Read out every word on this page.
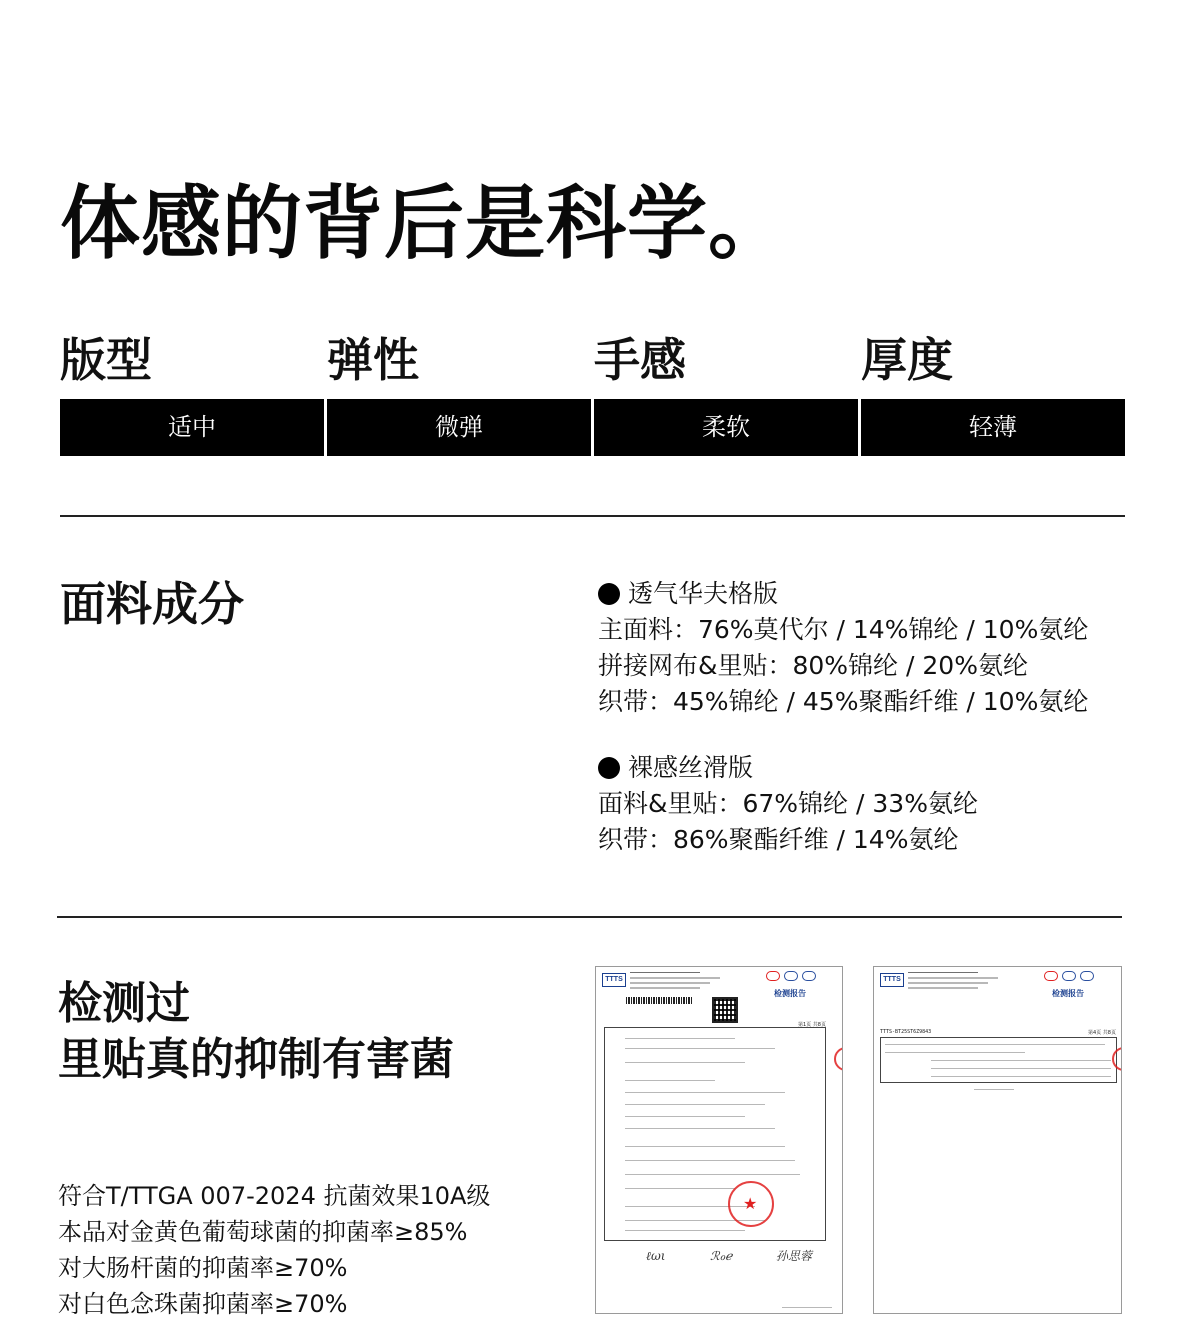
体感的背后是科学。
版型	弹性	手感	厚度
适中	微弹	柔软	轻薄
面料成分	透气华夫格版
主面料：76%莫代尔 / 14%锦纶 / 10%氨纶
拼接网布&里贴：80%锦纶 / 20%氨纶
织带：45%锦纶 / 45%聚酯纤维 / 10%氨纶
裸感丝滑版
面料&里贴：67%锦纶 / 33%氨纶
织带：86%聚酯纤维 / 14%氨纶
检测过
里贴真的抑制有害菌
符合T/TTGA 007-2024 抗菌效果10A级
本品对金黄色葡萄球菌的抑菌率≥85%
对大肠杆菌的抑菌率≥70%
对白色念珠菌抑菌率≥70%
TTTS
检测报告
第1页 共8页
★
ℓωι	ℛℴℯ	孙思蓉
TTTS
检测报告
TTTS-BT25ST6Z9843	第4页 共8页
